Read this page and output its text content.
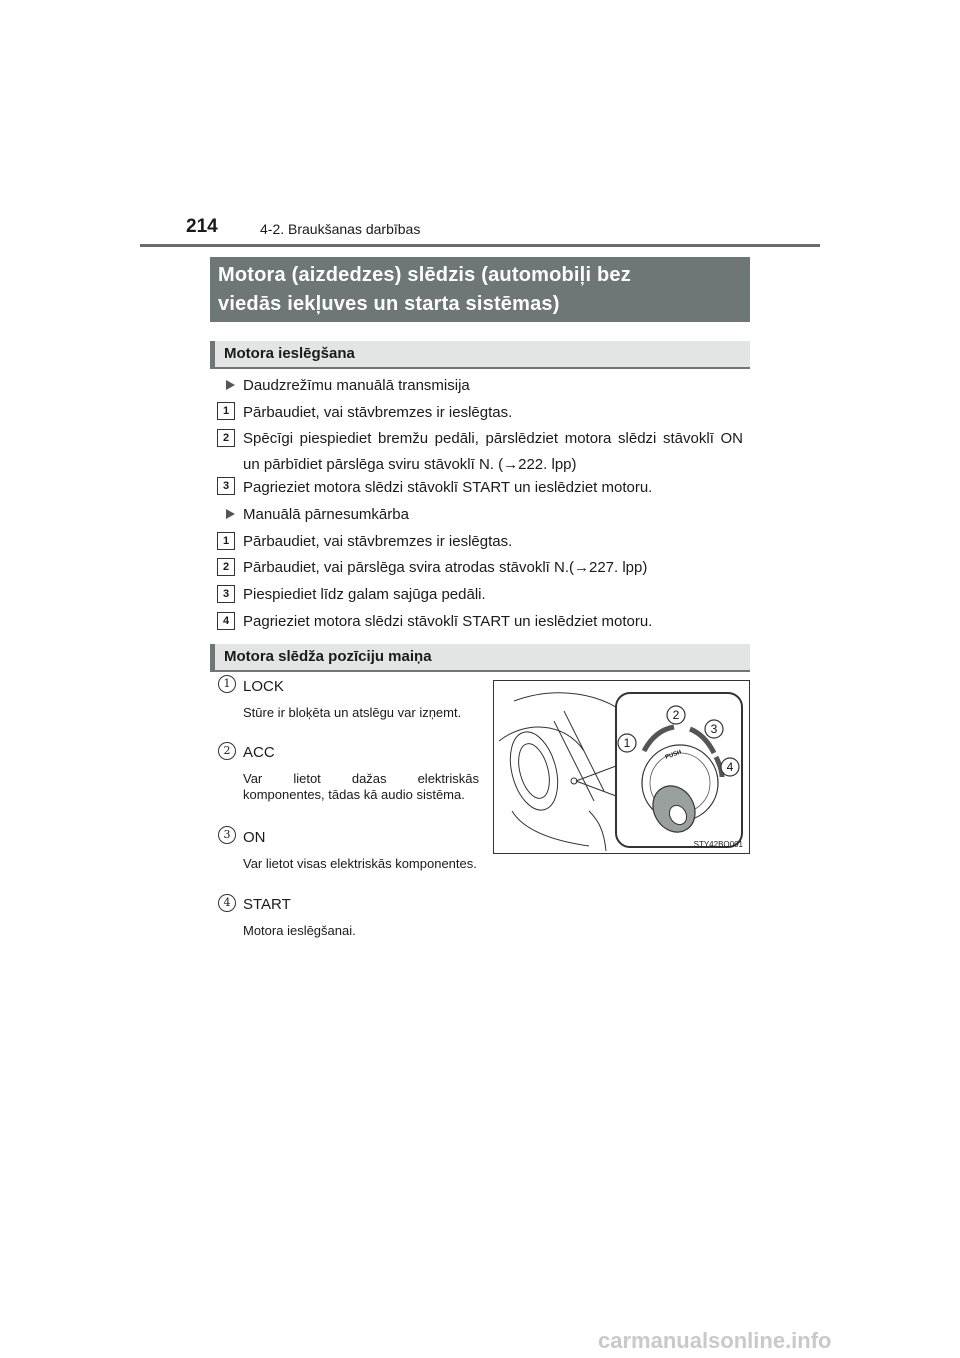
214	4-2. Braukšanas darbības
Motora (aizdedzes) slēdzis (automobiļi bez
viedās iekļuves un starta sistēmas)
Motora ieslēgšana
Daudzrežīmu manuālā transmisija
1 Pārbaudiet, vai stāvbremzes ir ieslēgtas.
2 Spēcīgi piespiediet bremžu pedāli, pārslēdziet motora slēdzi stāvoklī ON un pārbīdiet pārslēga sviru stāvoklī N. (→222. lpp)
3 Pagrieziet motora slēdzi stāvoklī START un ieslēdziet motoru.
Manuālā pārnesumkārba
1 Pārbaudiet, vai stāvbremzes ir ieslēgtas.
2 Pārbaudiet, vai pārslēga svira atrodas stāvoklī N.(→227. lpp)
3 Piespiediet līdz galam sajūga pedāli.
4 Pagrieziet motora slēdzi stāvoklī START un ieslēdziet motoru.
Motora slēdža pozīciju maiņa
1 LOCK
Stūre ir bloķēta un atslēgu var izņemt.
2 ACC
Var lietot dažas elektriskās komponentes, tādas kā audio sistēma.
3 ON
Var lietot visas elektriskās komponentes.
4 START
Motora ieslēgšanai.
1
2
3
4
PUSH
STY42BO001
carmanualsonline.info
